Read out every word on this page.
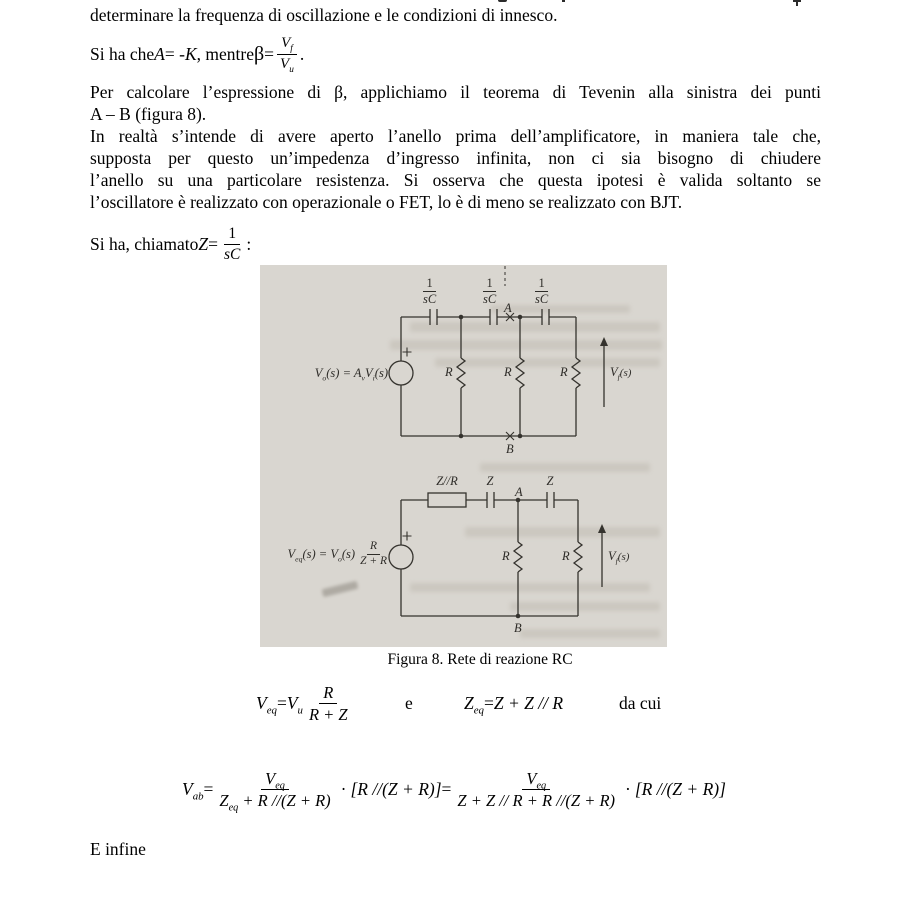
determinare la frequenza di oscillazione e le condizioni di innesco.
Si ha che A = - K , mentre $\beta = \frac{V_f}{V_u}$ .
Per calcolare l’espressione di β, applichiamo il teorema di Tevenin alla sinistra dei punti
A – B (figura 8).
In realtà s’intende di avere aperto l’anello prima dell’amplificatore, in maniera tale che,
supposta per questo un’impedenza d’ingresso infinita, non ci sia bisogno di chiudere
l’anello su una particolare resistenza. Si osserva che questa ipotesi è valida soltanto se
l’oscillatore è realizzato con operazionale o FET, lo è di meno se realizzato con BJT.
Si ha, chiamato $Z = \frac{1}{sC}$ :
$\frac{1}{sC}$	$\frac{1}{sC}$	$\frac{1}{sC}$
A
B
R	R	R	$V_f(s)$
$V_o(s) = A_vV_i(s)$
Z//R	Z	Z
A
B
R	R	$V_f(s)$
$V_{eq}(s) = V_o(s) \frac{R}{Z + R}$
Figura 8. Rete di reazione RC
$V_{eq} = V_u \frac{R}{R + Z}$	e	$Z_{eq} = Z + Z // R$	da cui
$V_{ab} = \frac{V_{eq}}{Z_{eq} + R //(Z + R)} \cdot [R$ $//(Z + R)] = \frac{V_{eq}}{Z + Z // R + R //(Z + R)} \cdot [R$ //(Z + R)]
E infine
